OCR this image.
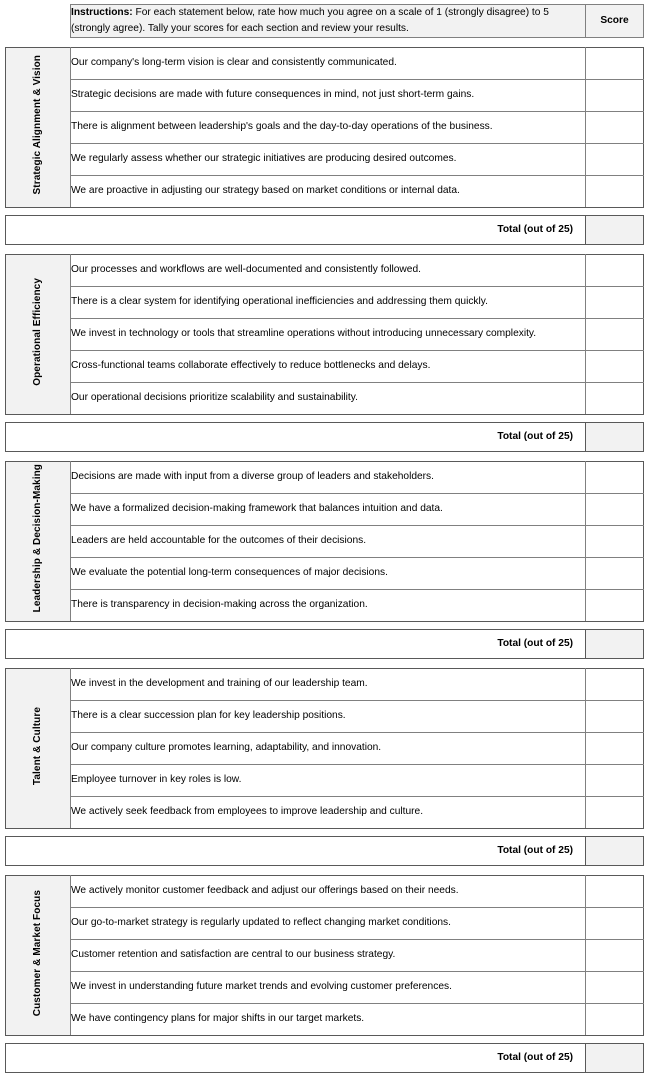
Instructions: For each statement below, rate how much you agree on a scale of 1 (strongly disagree) to 5 (strongly agree). Tally your scores for each section and review your results.	Score
Strategic Alignment & Vision	Our company's long-term vision is clear and consistently communicated.	
	Strategic decisions are made with future consequences in mind, not just short-term gains.	
	There is alignment between leadership's goals and the day-to-day operations of the business.	
	We regularly assess whether our strategic initiatives are producing desired outcomes.	
	We are proactive in adjusting our strategy based on market conditions or internal data.	
Total (out of 25)	
Operational Efficiency	Our processes and workflows are well-documented and consistently followed.	
	There is a clear system for identifying operational inefficiencies and addressing them quickly.	
	We invest in technology or tools that streamline operations without introducing unnecessary complexity.	
	Cross-functional teams collaborate effectively to reduce bottlenecks and delays.	
	Our operational decisions prioritize scalability and sustainability.	
Total (out of 25)	
Leadership & Decision-Making	Decisions are made with input from a diverse group of leaders and stakeholders.	
	We have a formalized decision-making framework that balances intuition and data.	
	Leaders are held accountable for the outcomes of their decisions.	
	We evaluate the potential long-term consequences of major decisions.	
	There is transparency in decision-making across the organization.	
Total (out of 25)	
Talent & Culture	We invest in the development and training of our leadership team.	
	There is a clear succession plan for key leadership positions.	
	Our company culture promotes learning, adaptability, and innovation.	
	Employee turnover in key roles is low.	
	We actively seek feedback from employees to improve leadership and culture.	
Total (out of 25)	
Customer & Market Focus	We actively monitor customer feedback and adjust our offerings based on their needs.	
	Our go-to-market strategy is regularly updated to reflect changing market conditions.	
	Customer retention and satisfaction are central to our business strategy.	
	We invest in understanding future market trends and evolving customer preferences.	
	We have contingency plans for major shifts in our target markets.	
Total (out of 25)	
